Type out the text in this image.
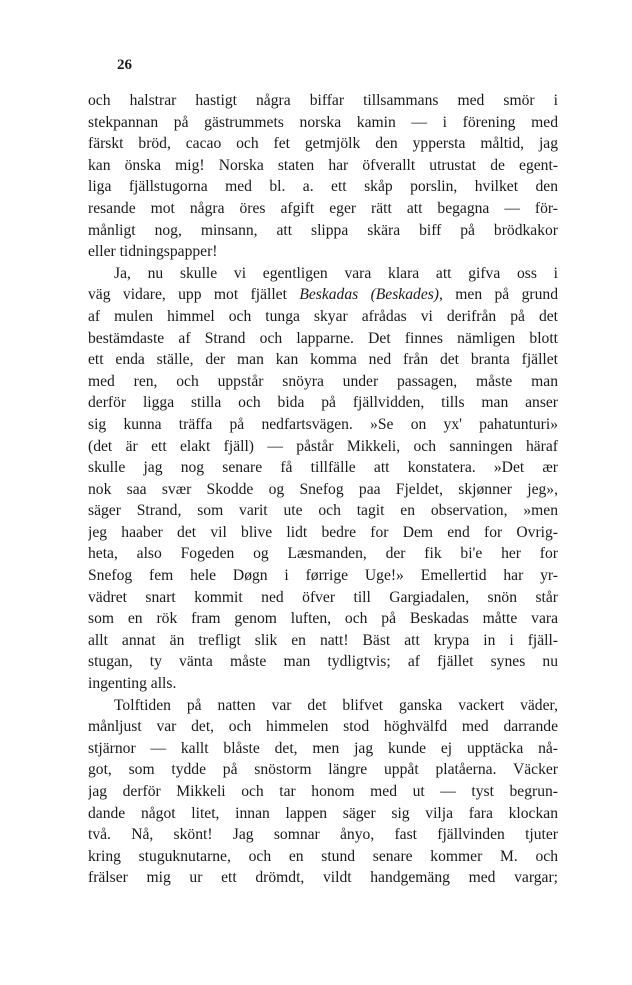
26
och halstrar hastigt några biffar tillsammans med smör i
stekpannan på gästrummets norska kamin — i förening med
färskt bröd, cacao och fet getmjölk den yppersta måltid, jag
kan önska mig! Norska staten har öfverallt utrustat de egent-
liga fjällstugorna med bl. a. ett skåp porslin, hvilket den
resande mot några öres afgift eger rätt att begagna — för-
månligt nog, minsann, att slippa skära biff på brödkakor
eller tidningspapper!
Ja, nu skulle vi egentligen vara klara att gifva oss i
väg vidare, upp mot fjället Beskadas (Beskades), men på grund
af mulen himmel och tunga skyar afrådas vi derifrån på det
bestämdaste af Strand och lapparne. Det finnes nämligen blott
ett enda ställe, der man kan komma ned från det branta fjället
med ren, och uppstår snöyra under passagen, måste man
derför ligga stilla och bida på fjällvidden, tills man anser
sig kunna träffa på nedfartsvägen. »Se on yx' pahatunturi»
(det är ett elakt fjäll) — påstår Mikkeli, och sanningen häraf
skulle jag nog senare få tillfälle att konstatera. »Det ær
nok saa svær Skodde og Snefog paa Fjeldet, skjønner jeg»,
säger Strand, som varit ute och tagit en observation, »men
jeg haaber det vil blive lidt bedre for Dem end for Ovrig-
heta, also Fogeden og Læsmanden, der fik bi'e her for
Snefog fem hele Døgn i førrige Uge!» Emellertid har yr-
vädret snart kommit ned öfver till Gargiadalen, snön står
som en rök fram genom luften, och på Beskadas måtte vara
allt annat än trefligt slik en natt! Bäst att krypa in i fjäll-
stugan, ty vänta måste man tydligtvis; af fjället synes nu
ingenting alls.
Tolftiden på natten var det blifvet ganska vackert väder,
månljust var det, och himmelen stod höghvälfd med darrande
stjärnor — kallt blåste det, men jag kunde ej upptäcka nå-
got, som tydde på snöstorm längre uppåt platåerna. Väcker
jag derför Mikkeli och tar honom med ut — tyst begrun-
dande något litet, innan lappen säger sig vilja fara klockan
två. Nå, skönt! Jag somnar ånyo, fast fjällvinden tjuter
kring stuguknutarne, och en stund senare kommer M. och
frälser mig ur ett drömdt, vildt handgemäng med vargar;
